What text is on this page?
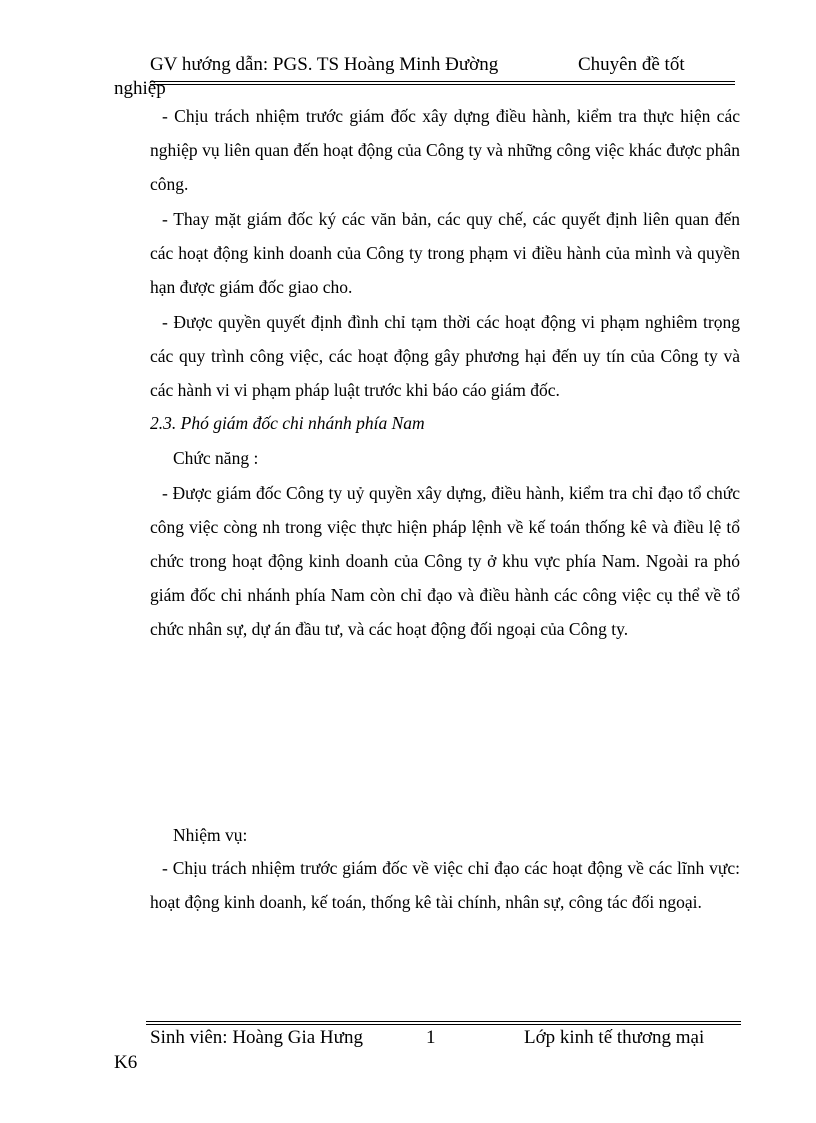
GV hướng dẫn: PGS. TS Hoàng Minh Đường	Chuyên đề tốt
nghiệp

- Chịu trách nhiệm trước giám đốc xây dựng điều hành, kiểm tra thực hiện các nghiệp vụ liên quan đến hoạt động của Công ty và những công việc khác được phân công.

- Thay mặt giám đốc ký các văn bản, các quy chế, các quyết định liên quan đến các hoạt động kinh doanh của Công ty trong phạm vi điều hành của mình và quyền hạn được giám đốc giao cho.

- Được quyền quyết định đình chỉ tạm thời các hoạt động vi phạm nghiêm trọng các quy trình công việc, các hoạt động gây phương hại đến uy tín của Công ty và các hành vi vi phạm pháp luật trước khi báo cáo giám đốc.

2.3. Phó giám đốc chi nhánh phía Nam
Chức năng :

- Được giám đốc Công ty uỷ quyền xây dựng, điều hành, kiểm tra chỉ đạo tổ chức công việc còng nh trong việc thực hiện pháp lệnh về kế toán thống kê và điều lệ tổ chức trong hoạt động kinh doanh của Công ty ở khu vực phía Nam. Ngoài ra phó giám đốc chi nhánh phía Nam còn chỉ đạo và điều hành các công việc cụ thể về tổ chức nhân sự, dự án đầu tư, và các hoạt động đối ngoại của Công ty.

Nhiệm vụ:

- Chịu trách nhiệm trước giám đốc về việc chỉ đạo các hoạt động về các lĩnh vực: hoạt động kinh doanh, kế toán, thống kê tài chính, nhân sự, công tác đối ngoại.

Sinh viên: Hoàng Gia Hưng	1	Lớp kinh tế thương mại
K6
